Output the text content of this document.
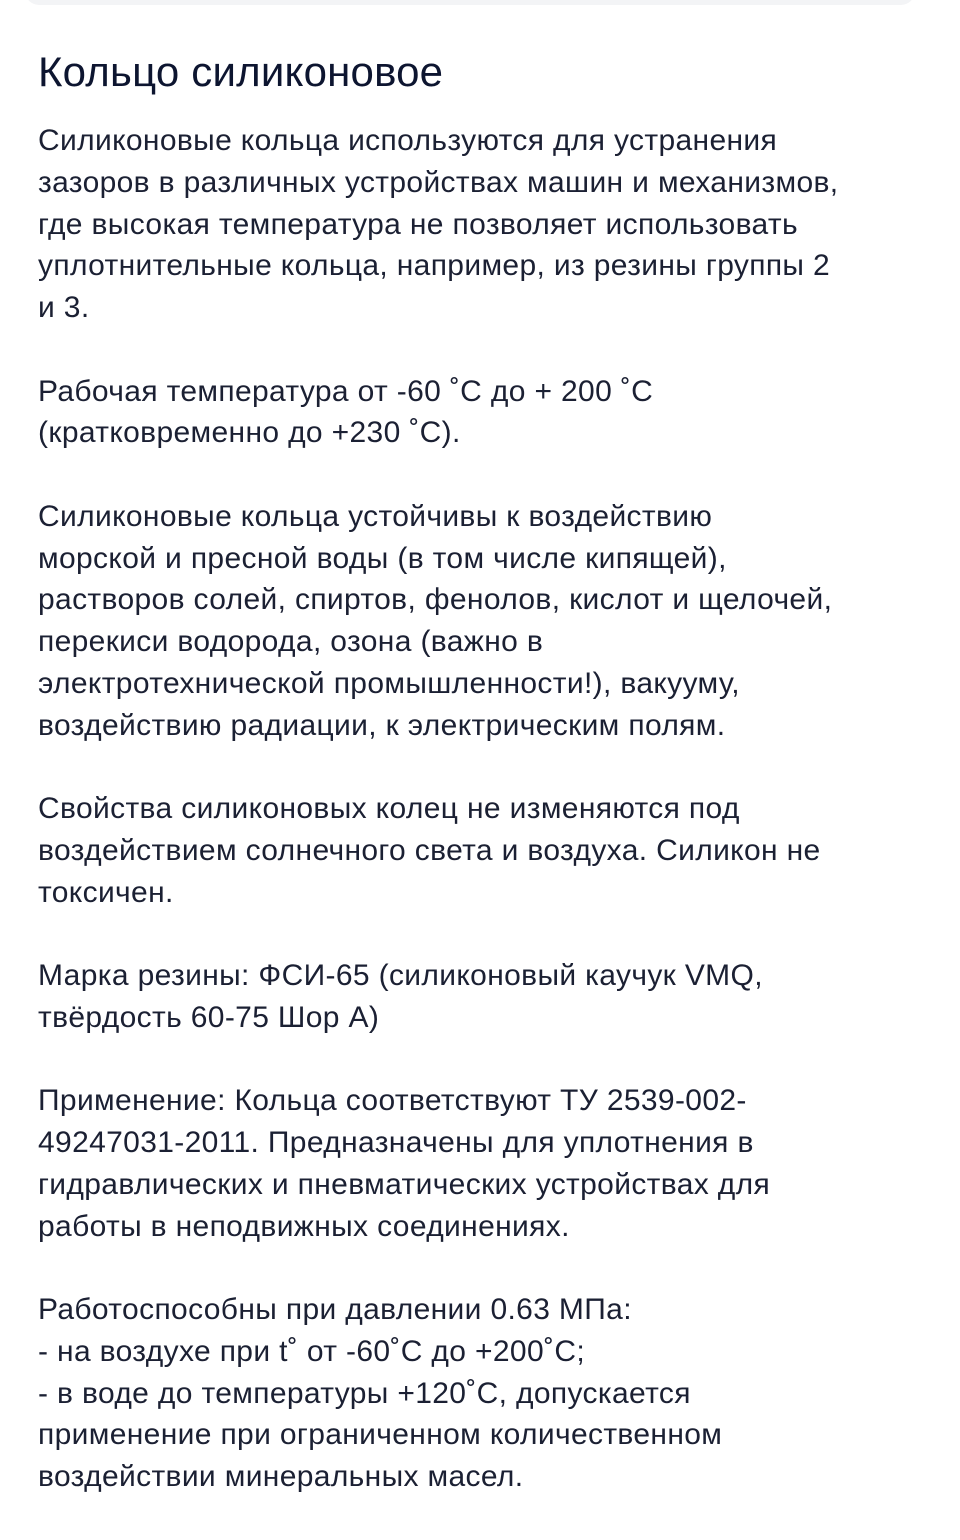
Кольцо силиконовое
Силиконовые кольца используются для устранения
зазоров в различных устройствах машин и механизмов,
где высокая температура не позволяет использовать
уплотнительные кольца, например, из резины группы 2
и 3.
Рабочая температура от -60 ˚С до + 200 ˚С
(кратковременно до +230 ˚С).
Силиконовые кольца устойчивы к воздействию
морской и пресной воды (в том числе кипящей),
растворов солей, спиртов, фенолов, кислот и щелочей,
перекиси водорода, озона (важно в
электротехнической промышленности!), вакууму,
воздействию радиации, к электрическим полям.
Свойства силиконовых колец не изменяются под
воздействием солнечного света и воздуха. Силикон не
токсичен.
Марка резины: ФСИ-65 (силиконовый каучук VMQ,
твёрдость 60-75 Шор А)
Применение: Кольца соответствуют ТУ 2539-002-
49247031-2011. Предназначены для уплотнения в
гидравлических и пневматических устройствах для
работы в неподвижных соединениях.
Работоспособны при давлении 0.63 МПа:
- на воздухе при t˚ от -60˚С до +200˚С;
- в воде до температуры +120˚С, допускается
применение при ограниченном количественном
воздействии минеральных масел.
